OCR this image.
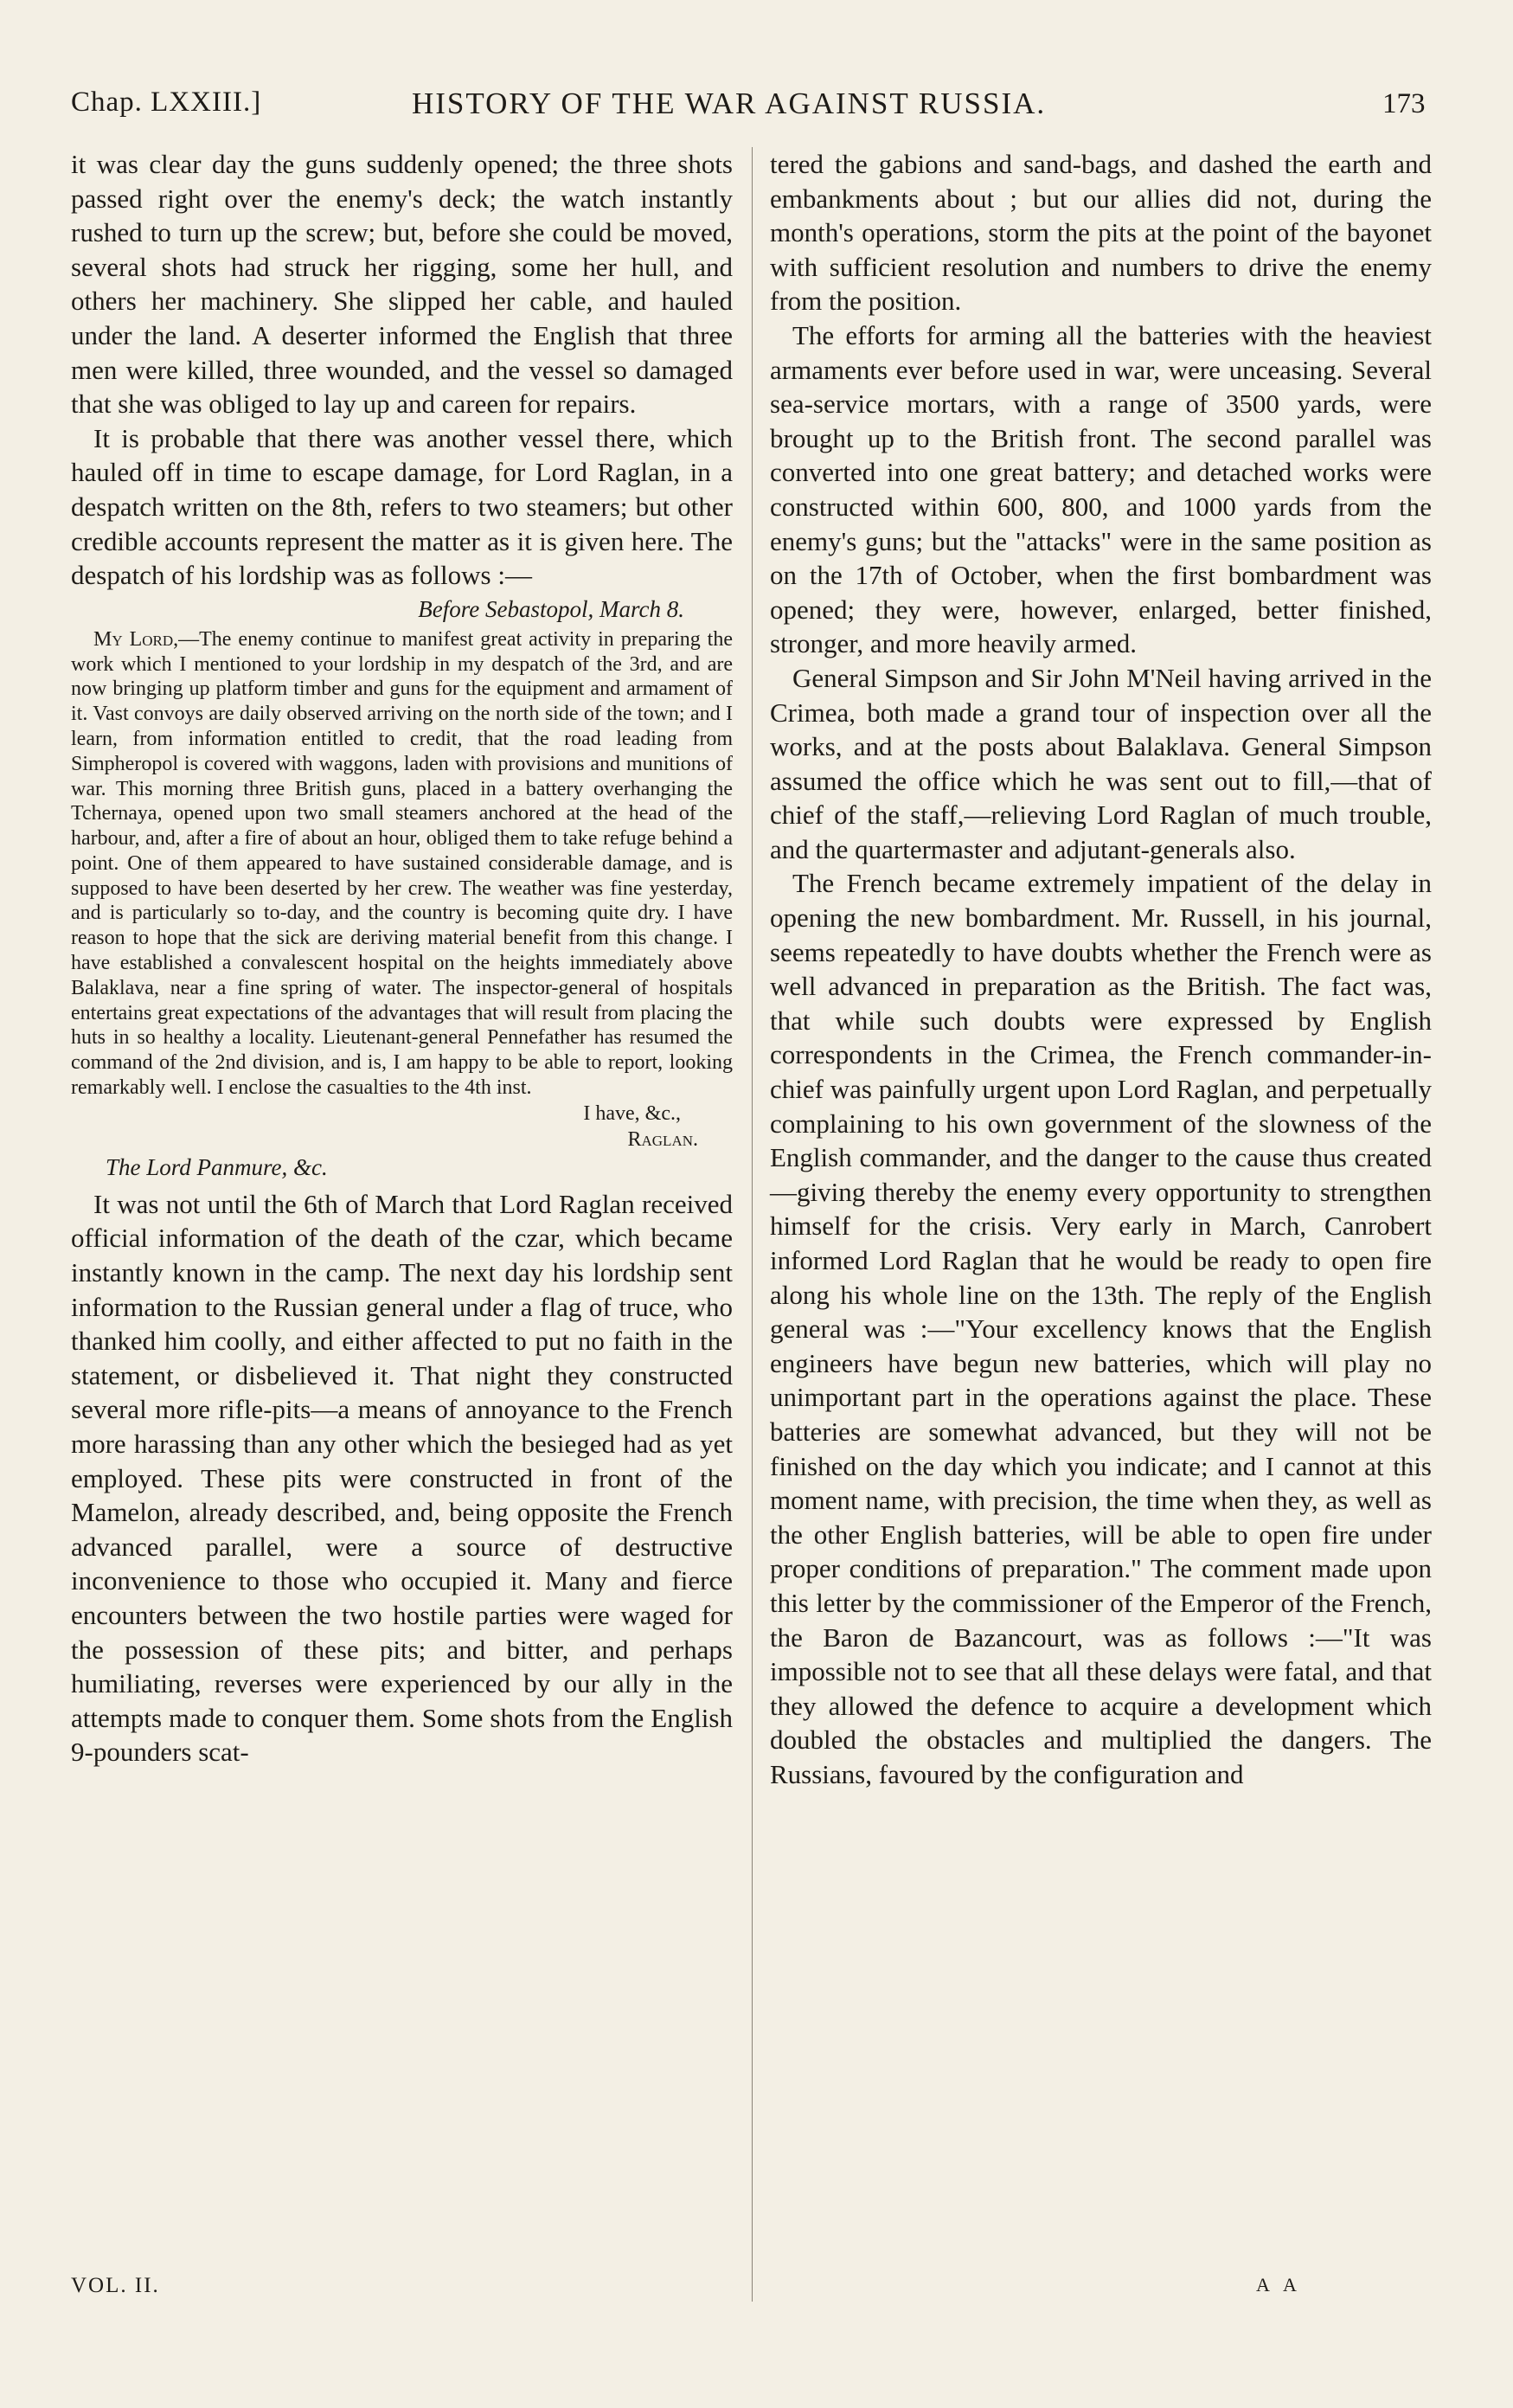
Chap. LXXIII.]	HISTORY OF THE WAR AGAINST RUSSIA.	173

it was clear day the guns suddenly opened; the three shots passed right over the enemy's deck; the watch instantly rushed to turn up the screw; but, before she could be moved, several shots had struck her rigging, some her hull, and others her machinery. She slipped her cable, and hauled under the land. A deserter informed the English that three men were killed, three wounded, and the vessel so damaged that she was obliged to lay up and careen for repairs.

It is probable that there was another vessel there, which hauled off in time to escape damage, for Lord Raglan, in a despatch written on the 8th, refers to two steamers; but other credible accounts represent the matter as it is given here. The despatch of his lordship was as follows :—

Before Sebastopol, March 8.

My Lord,—The enemy continue to manifest great activity in preparing the work which I mentioned to your lordship in my despatch of the 3rd, and are now bringing up platform timber and guns for the equipment and armament of it. Vast convoys are daily observed arriving on the north side of the town; and I learn, from information entitled to credit, that the road leading from Simpheropol is covered with waggons, laden with provisions and munitions of war. This morning three British guns, placed in a battery overhanging the Tchernaya, opened upon two small steamers anchored at the head of the harbour, and, after a fire of about an hour, obliged them to take refuge behind a point. One of them appeared to have sustained considerable damage, and is supposed to have been deserted by her crew. The weather was fine yesterday, and is particularly so to-day, and the country is becoming quite dry. I have reason to hope that the sick are deriving material benefit from this change. I have established a convalescent hospital on the heights immediately above Balaklava, near a fine spring of water. The inspector-general of hospitals entertains great expectations of the advantages that will result from placing the huts in so healthy a locality. Lieutenant-general Pennefather has resumed the command of the 2nd division, and is, I am happy to be able to report, looking remarkably well. I enclose the casualties to the 4th inst.

I have, &c.,

Raglan.

The Lord Panmure, &c.

It was not until the 6th of March that Lord Raglan received official information of the death of the czar, which became instantly known in the camp. The next day his lordship sent information to the Russian general under a flag of truce, who thanked him coolly, and either affected to put no faith in the statement, or disbelieved it. That night they constructed several more rifle-pits—a means of annoyance to the French more harassing than any other which the besieged had as yet employed. These pits were constructed in front of the Mamelon, already described, and, being opposite the French advanced parallel, were a source of destructive inconvenience to those who occupied it. Many and fierce encounters between the two hostile parties were waged for the possession of these pits; and bitter, and perhaps humiliating, reverses were experienced by our ally in the attempts made to conquer them. Some shots from the English 9-pounders scat-

tered the gabions and sand-bags, and dashed the earth and embankments about ; but our allies did not, during the month's operations, storm the pits at the point of the bayonet with sufficient resolution and numbers to drive the enemy from the position.

The efforts for arming all the batteries with the heaviest armaments ever before used in war, were unceasing. Several sea-service mortars, with a range of 3500 yards, were brought up to the British front. The second parallel was converted into one great battery; and detached works were constructed within 600, 800, and 1000 yards from the enemy's guns; but the "attacks" were in the same position as on the 17th of October, when the first bombardment was opened; they were, however, enlarged, better finished, stronger, and more heavily armed.

General Simpson and Sir John M'Neil having arrived in the Crimea, both made a grand tour of inspection over all the works, and at the posts about Balaklava. General Simpson assumed the office which he was sent out to fill,—that of chief of the staff,—relieving Lord Raglan of much trouble, and the quartermaster and adjutant-generals also.

The French became extremely impatient of the delay in opening the new bombardment. Mr. Russell, in his journal, seems repeatedly to have doubts whether the French were as well advanced in preparation as the British. The fact was, that while such doubts were expressed by English correspondents in the Crimea, the French commander-in-chief was painfully urgent upon Lord Raglan, and perpetually complaining to his own government of the slowness of the English commander, and the danger to the cause thus created—giving thereby the enemy every opportunity to strengthen himself for the crisis. Very early in March, Canrobert informed Lord Raglan that he would be ready to open fire along his whole line on the 13th. The reply of the English general was :—"Your excellency knows that the English engineers have begun new batteries, which will play no unimportant part in the operations against the place. These batteries are somewhat advanced, but they will not be finished on the day which you indicate; and I cannot at this moment name, with precision, the time when they, as well as the other English batteries, will be able to open fire under proper conditions of preparation." The comment made upon this letter by the commissioner of the Emperor of the French, the Baron de Bazancourt, was as follows :—"It was impossible not to see that all these delays were fatal, and that they allowed the defence to acquire a development which doubled the obstacles and multiplied the dangers. The Russians, favoured by the configuration and

VOL. II.	A A
